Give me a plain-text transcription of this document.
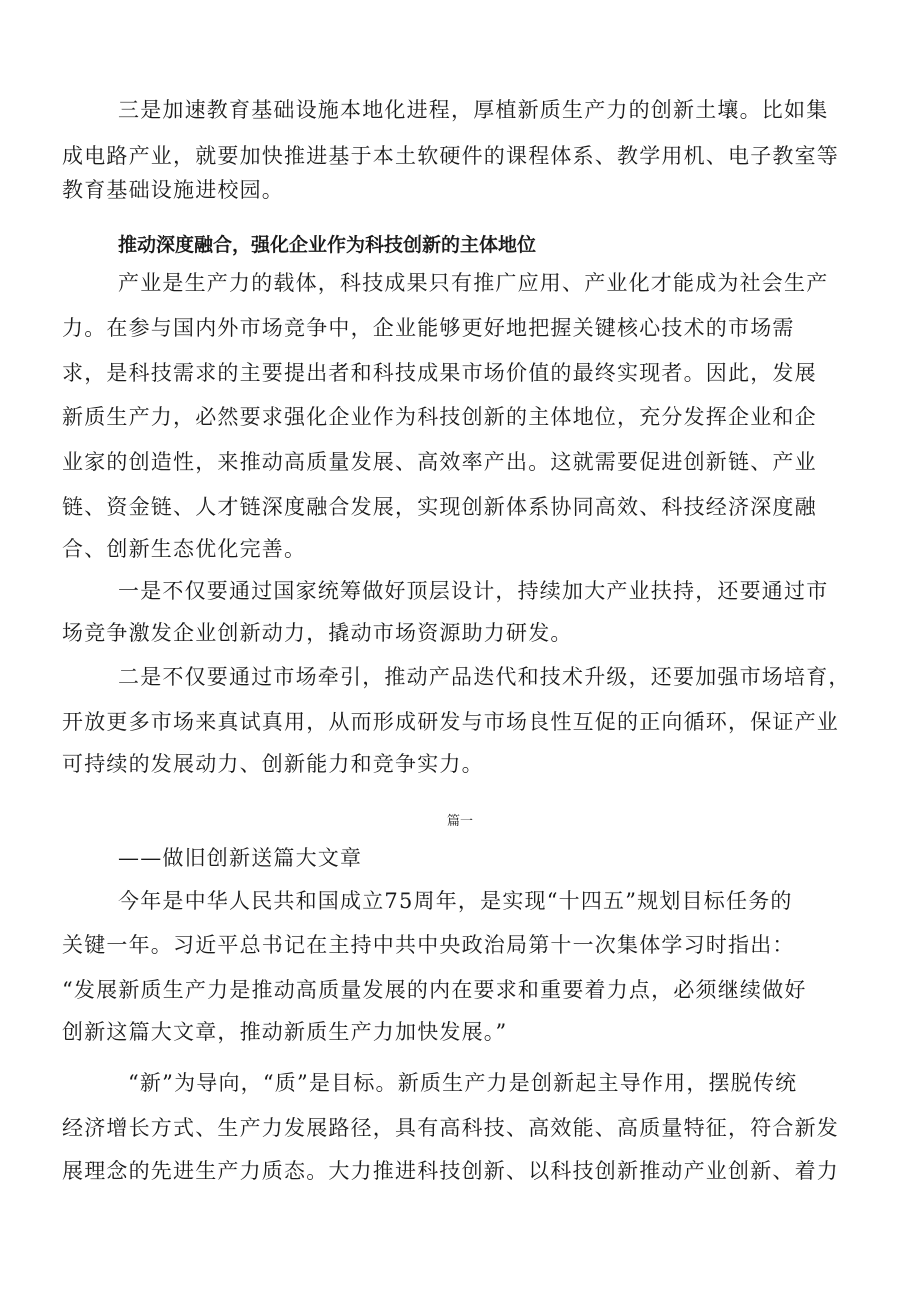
三是加速教育基础设施本地化进程，厚植新质生产力的创新土壤。比如集
成电路产业，就要加快推进基于本土软硬件的课程体系、教学用机、电子教室等
教育基础设施进校园。
推动深度融合，强化企业作为科技创新的主体地位
产业是生产力的载体，科技成果只有推广应用、产业化才能成为社会生产
力。在参与国内外市场竞争中，企业能够更好地把握关键核心技术的市场需
求，是科技需求的主要提出者和科技成果市场价值的最终实现者。因此，发展
新质生产力，必然要求强化企业作为科技创新的主体地位，充分发挥企业和企
业家的创造性，来推动高质量发展、高效率产出。这就需要促进创新链、产业
链、资金链、人才链深度融合发展，实现创新体系协同高效、科技经济深度融
合、创新生态优化完善。
一是不仅要通过国家统筹做好顶层设计，持续加大产业扶持，还要通过市
场竞争激发企业创新动力，撬动市场资源助力研发。
二是不仅要通过市场牵引，推动产品迭代和技术升级，还要加强市场培育，
开放更多市场来真试真用，从而形成研发与市场良性互促的正向循环，保证产业
可持续的发展动力、创新能力和竞争实力。
篇一
——做旧创新送篇大文章
今年是中华人民共和国成立75周年，是实现“十四五”规划目标任务的
关键一年。习近平总书记在主持中共中央政治局第十一次集体学习时指出：
“发展新质生产力是推动高质量发展的内在要求和重要着力点，必须继续做好
创新这篇大文章，推动新质生产力加快发展。”
“新”为导向，“质”是目标。新质生产力是创新起主导作用，摆脱传统
经济增长方式、生产力发展路径，具有高科技、高效能、高质量特征，符合新发
展理念的先进生产力质态。大力推进科技创新、以科技创新推动产业创新、着力
